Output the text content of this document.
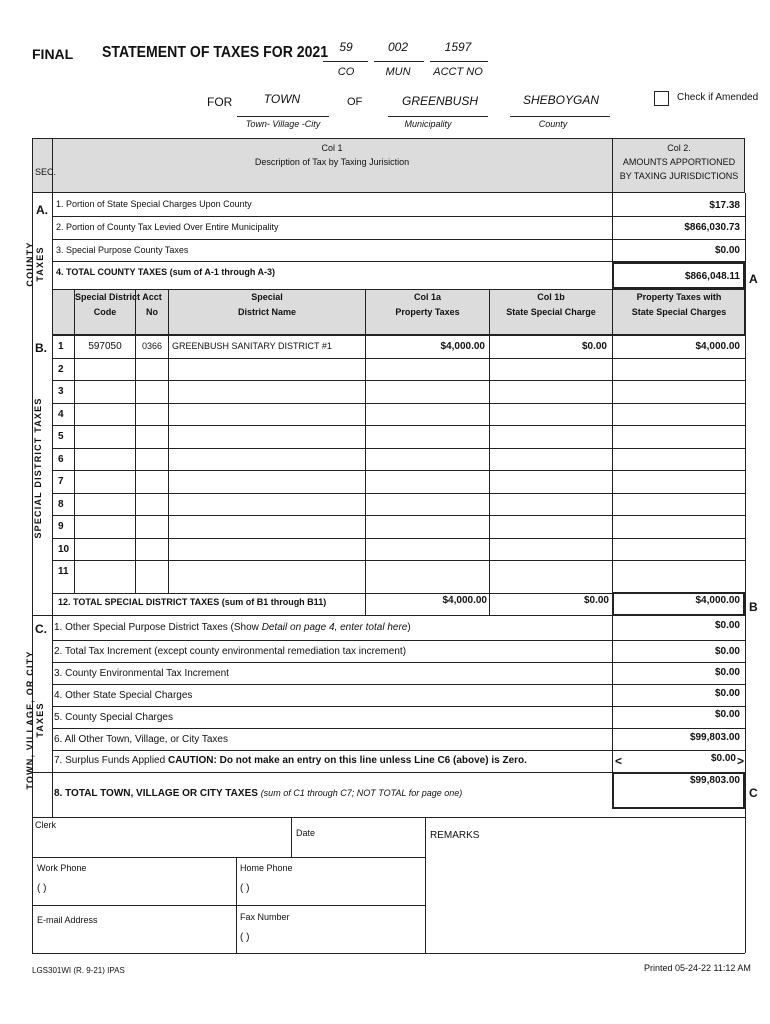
FINAL STATEMENT OF TAXES FOR 2021 59
CO
002
MUN
1597
ACCT NO
FOR	TOWN
Town- Village -City
OF	GREENBUSH
Municipality
SHEBOYGAN
County
Check if Amended
SEC.
Col 1
Description of Tax by Taxing Jurisiction
Col 2.
AMOUNTS APPORTIONED
BY TAXING JURISDICTIONS
A.
COUNTY TAXES
1. Portion of State Special Charges Upon County	$17.38
2. Portion of County Tax Levied Over Entire Municipality	$866,030.73
3. Special Purpose County Taxes	$0.00
4. TOTAL COUNTY TAXES (sum of A-1 through A-3)	$866,048.11 A
Special District
Code
Acct
No
Special
District Name
Col 1a
Property Taxes
Col 1b
State Special Charge
Property Taxes with
State Special Charges
B.
SPECIAL DISTRICT TAXES
1	597050	0366	GREENBUSH SANITARY DISTRICT #1	$4,000.00	$0.00	$4,000.00
2
3
4
5
6
7
8
9
10
11
12. TOTAL SPECIAL DISTRICT TAXES (sum of B1 through B11)	$4,000.00	$0.00	$4,000.00 B
C.
TOWN, VILLAGE, OR CITY TAXES
1. Other Special Purpose District Taxes (Show Detail on page 4, enter total here)	$0.00
2. Total Tax Increment (except county environmental remediation tax increment)	$0.00
3. County Environmental Tax Increment	$0.00
4. Other State Special Charges	$0.00
5. County Special Charges	$0.00
6. All Other Town, Village, or City Taxes	$99,803.00
7. Surplus Funds Applied CAUTION: Do not make an entry on this line unless Line C6 (above) is Zero.	<	$0.00 >
8. TOTAL TOWN, VILLAGE OR CITY TAXES (sum of C1 through C7; NOT TOTAL for page one)
$99,803.00
C
Clerk
Date	REMARKS
Work Phone
( )
Home Phone
( )
E-mail Address	Fax Number
( )
LGS301WI (R. 9-21) IPAS	Printed 05-24-22 11:12 AM
